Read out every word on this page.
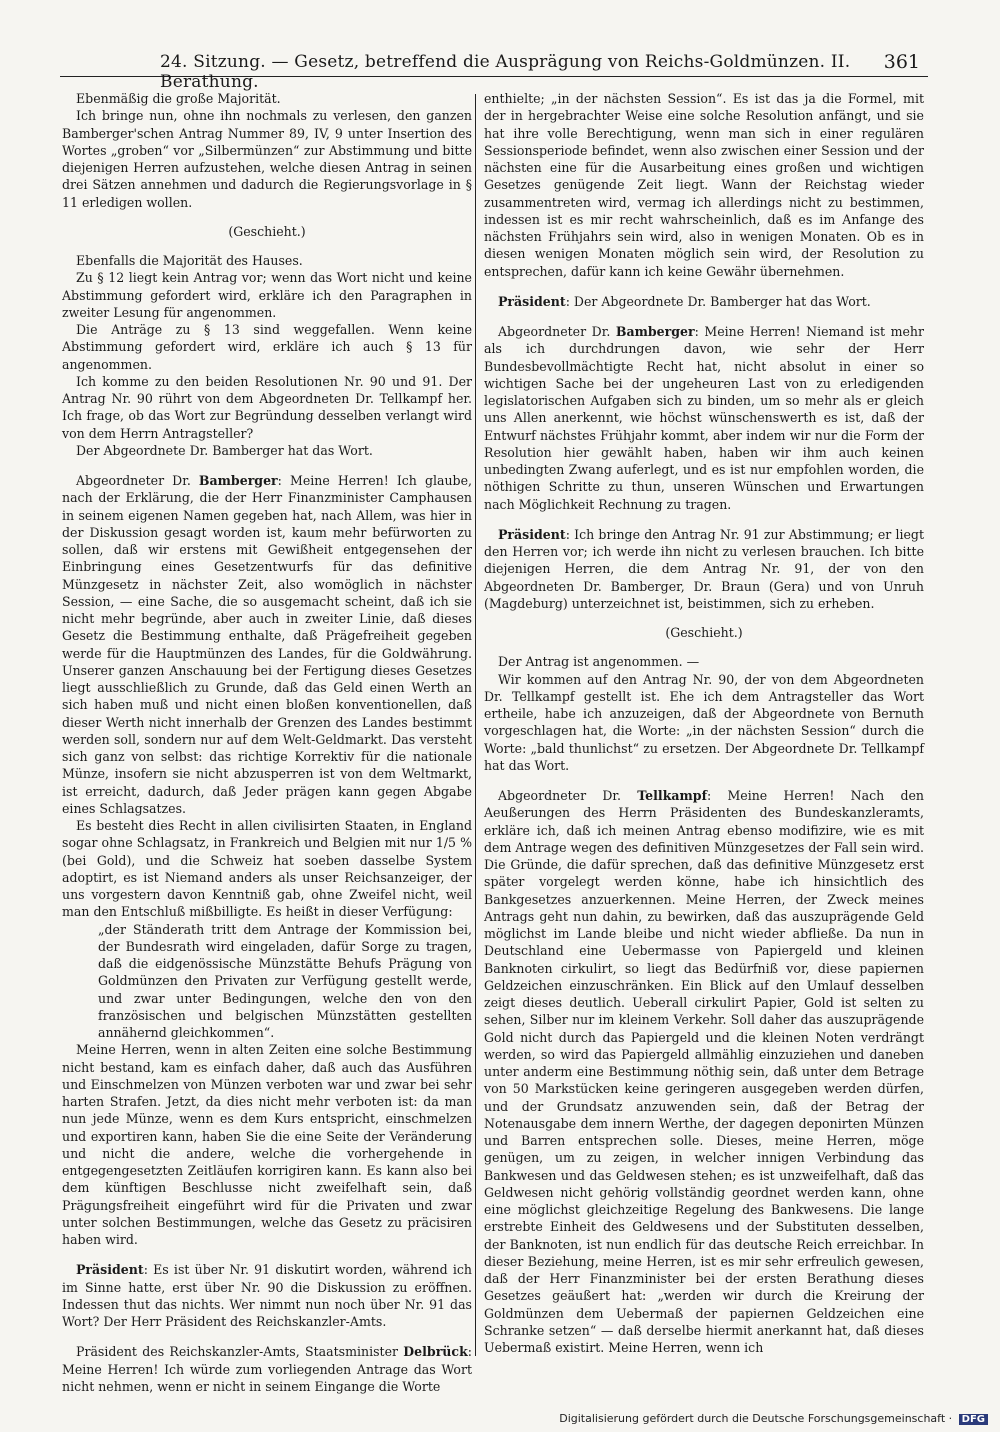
24. Sitzung. — Gesetz, betreffend die Ausprägung von Reichs-Goldmünzen. II. Berathung.
361

Ebenmäßig die große Majorität.

Ich bringe nun, ohne ihn nochmals zu verlesen, den ganzen Bamberger'schen Antrag Nummer 89, IV, 9 unter Insertion des Wortes „groben“ vor „Silbermünzen“ zur Abstimmung und bitte diejenigen Herren aufzustehen, welche diesen Antrag in seinen drei Sätzen annehmen und dadurch die Regierungsvorlage in § 11 erledigen wollen.

(Geschieht.)

Ebenfalls die Majorität des Hauses.

Zu § 12 liegt kein Antrag vor; wenn das Wort nicht und keine Abstimmung gefordert wird, erkläre ich den Paragraphen in zweiter Lesung für angenommen.

Die Anträge zu § 13 sind weggefallen. Wenn keine Abstimmung gefordert wird, erkläre ich auch § 13 für angenommen.

Ich komme zu den beiden Resolutionen Nr. 90 und 91. Der Antrag Nr. 90 rührt von dem Abgeordneten Dr. Tellkampf her. Ich frage, ob das Wort zur Begründung desselben verlangt wird von dem Herrn Antragsteller?

Der Abgeordnete Dr. Bamberger hat das Wort.

Abgeordneter Dr. Bamberger: Meine Herren! Ich glaube, nach der Erklärung, die der Herr Finanzminister Camphausen in seinem eigenen Namen gegeben hat, nach Allem, was hier in der Diskussion gesagt worden ist, kaum mehr befürworten zu sollen, daß wir erstens mit Gewißheit entgegensehen der Einbringung eines Gesetzentwurfs für das definitive Münzgesetz in nächster Zeit, also womöglich in nächster Session, — eine Sache, die so ausgemacht scheint, daß ich sie nicht mehr begründe, aber auch in zweiter Linie, daß dieses Gesetz die Bestimmung enthalte, daß Prägefreiheit gegeben werde für die Hauptmünzen des Landes, für die Goldwährung. Unserer ganzen Anschauung bei der Fertigung dieses Gesetzes liegt ausschließlich zu Grunde, daß das Geld einen Werth an sich haben muß und nicht einen bloßen konventionellen, daß dieser Werth nicht innerhalb der Grenzen des Landes bestimmt werden soll, sondern nur auf dem Welt-Geldmarkt. Das versteht sich ganz von selbst: das richtige Korrektiv für die nationale Münze, insofern sie nicht abzusperren ist von dem Weltmarkt, ist erreicht, dadurch, daß Jeder prägen kann gegen Abgabe eines Schlagsatzes.

Es besteht dies Recht in allen civilisirten Staaten, in England sogar ohne Schlagsatz, in Frankreich und Belgien mit nur 1/5 % (bei Gold), und die Schweiz hat soeben dasselbe System adoptirt, es ist Niemand anders als unser Reichsanzeiger, der uns vorgestern davon Kenntniß gab, ohne Zweifel nicht, weil man den Entschluß mißbilligte. Es heißt in dieser Verfügung:

„der Ständerath tritt dem Antrage der Kommission bei, der Bundesrath wird eingeladen, dafür Sorge zu tragen, daß die eidgenössische Münzstätte Behufs Prägung von Goldmünzen den Privaten zur Verfügung gestellt werde, und zwar unter Bedingungen, welche den von den französischen und belgischen Münzstätten gestellten annähernd gleichkommen“.

Meine Herren, wenn in alten Zeiten eine solche Bestimmung nicht bestand, kam es einfach daher, daß auch das Ausführen und Einschmelzen von Münzen verboten war und zwar bei sehr harten Strafen. Jetzt, da dies nicht mehr verboten ist: da man nun jede Münze, wenn es dem Kurs entspricht, einschmelzen und exportiren kann, haben Sie die eine Seite der Veränderung und nicht die andere, welche die vorhergehende in entgegengesetzten Zeitläufen korrigiren kann. Es kann also bei dem künftigen Beschlusse nicht zweifelhaft sein, daß Prägungsfreiheit eingeführt wird für die Privaten und zwar unter solchen Bestimmungen, welche das Gesetz zu präcisiren haben wird.

Präsident: Es ist über Nr. 91 diskutirt worden, während ich im Sinne hatte, erst über Nr. 90 die Diskussion zu eröffnen. Indessen thut das nichts. Wer nimmt nun noch über Nr. 91 das Wort? Der Herr Präsident des Reichskanzler-Amts.

Präsident des Reichskanzler-Amts, Staatsminister Delbrück: Meine Herren! Ich würde zum vorliegenden Antrage das Wort nicht nehmen, wenn er nicht in seinem Eingange die Worte

enthielte; „in der nächsten Session“. Es ist das ja die Formel, mit der in hergebrachter Weise eine solche Resolution anfängt, und sie hat ihre volle Berechtigung, wenn man sich in einer regulären Sessionsperiode befindet, wenn also zwischen einer Session und der nächsten eine für die Ausarbeitung eines großen und wichtigen Gesetzes genügende Zeit liegt. Wann der Reichstag wieder zusammentreten wird, vermag ich allerdings nicht zu bestimmen, indessen ist es mir recht wahrscheinlich, daß es im Anfange des nächsten Frühjahrs sein wird, also in wenigen Monaten. Ob es in diesen wenigen Monaten möglich sein wird, der Resolution zu entsprechen, dafür kann ich keine Gewähr übernehmen.

Präsident: Der Abgeordnete Dr. Bamberger hat das Wort.

Abgeordneter Dr. Bamberger: Meine Herren! Niemand ist mehr als ich durchdrungen davon, wie sehr der Herr Bundesbevollmächtigte Recht hat, nicht absolut in einer so wichtigen Sache bei der ungeheuren Last von zu erledigenden legislatorischen Aufgaben sich zu binden, um so mehr als er gleich uns Allen anerkennt, wie höchst wünschenswerth es ist, daß der Entwurf nächstes Frühjahr kommt, aber indem wir nur die Form der Resolution hier gewählt haben, haben wir ihm auch keinen unbedingten Zwang auferlegt, und es ist nur empfohlen worden, die nöthigen Schritte zu thun, unseren Wünschen und Erwartungen nach Möglichkeit Rechnung zu tragen.

Präsident: Ich bringe den Antrag Nr. 91 zur Abstimmung; er liegt den Herren vor; ich werde ihn nicht zu verlesen brauchen. Ich bitte diejenigen Herren, die dem Antrag Nr. 91, der von den Abgeordneten Dr. Bamberger, Dr. Braun (Gera) und von Unruh (Magdeburg) unterzeichnet ist, beistimmen, sich zu erheben.

(Geschieht.)

Der Antrag ist angenommen. —

Wir kommen auf den Antrag Nr. 90, der von dem Abgeordneten Dr. Tellkampf gestellt ist. Ehe ich dem Antragsteller das Wort ertheile, habe ich anzuzeigen, daß der Abgeordnete von Bernuth vorgeschlagen hat, die Worte: „in der nächsten Session“ durch die Worte: „bald thunlichst“ zu ersetzen. Der Abgeordnete Dr. Tellkampf hat das Wort.

Abgeordneter Dr. Tellkampf: Meine Herren! Nach den Aeußerungen des Herrn Präsidenten des Bundeskanzleramts, erkläre ich, daß ich meinen Antrag ebenso modifizire, wie es mit dem Antrage wegen des definitiven Münzgesetzes der Fall sein wird. Die Gründe, die dafür sprechen, daß das definitive Münzgesetz erst später vorgelegt werden könne, habe ich hinsichtlich des Bankgesetzes anzuerkennen. Meine Herren, der Zweck meines Antrags geht nun dahin, zu bewirken, daß das auszuprägende Geld möglichst im Lande bleibe und nicht wieder abfließe. Da nun in Deutschland eine Uebermasse von Papiergeld und kleinen Banknoten cirkulirt, so liegt das Bedürfniß vor, diese papiernen Geldzeichen einzuschränken. Ein Blick auf den Umlauf desselben zeigt dieses deutlich. Ueberall cirkulirt Papier, Gold ist selten zu sehen, Silber nur im kleinem Verkehr. Soll daher das auszuprägende Gold nicht durch das Papiergeld und die kleinen Noten verdrängt werden, so wird das Papiergeld allmählig einzuziehen und daneben unter anderm eine Bestimmung nöthig sein, daß unter dem Betrage von 50 Markstücken keine geringeren ausgegeben werden dürfen, und der Grundsatz anzuwenden sein, daß der Betrag der Notenausgabe dem innern Werthe, der dagegen deponirten Münzen und Barren entsprechen solle. Dieses, meine Herren, möge genügen, um zu zeigen, in welcher innigen Verbindung das Bankwesen und das Geldwesen stehen; es ist unzweifelhaft, daß das Geldwesen nicht gehörig vollständig geordnet werden kann, ohne eine möglichst gleichzeitige Regelung des Bankwesens. Die lange erstrebte Einheit des Geldwesens und der Substituten desselben, der Banknoten, ist nun endlich für das deutsche Reich erreichbar. In dieser Beziehung, meine Herren, ist es mir sehr erfreulich gewesen, daß der Herr Finanzminister bei der ersten Berathung dieses Gesetzes geäußert hat: „werden wir durch die Kreirung der Goldmünzen dem Uebermaß der papiernen Geldzeichen eine Schranke setzen“ — daß derselbe hiermit anerkannt hat, daß dieses Uebermaß existirt. Meine Herren, wenn ich

Digitalisierung gefördert durch die Deutsche Forschungsgemeinschaft · DFG
